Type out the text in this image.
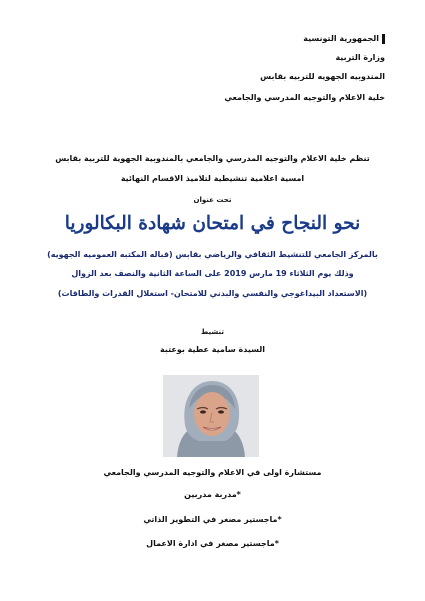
الجمهورية التونسية
وزارة التربية
المندوبيه الجهويه للتربيه بقابس
خلية الاعلام والتوجيه المدرسي والجامعي
تنظم خلية الاعلام والتوجيه المدرسي والجامعي بالمندوبية الجهوية للتربية بقابس
امسية اعلامية تنشيطية لتلاميذ الاقسام النهائية
تحت عنوان
نحو النجاح في امتحان شهادة البكالوريا
بالمركز الجامعي للتنشيط الثقافي والرياضي بقابس (قباله المكتبه العموميه الجهويه)
وذلك يوم الثلاثاء 19 مارس 2019 على الساعة الثانية والنصف بعد الزوال
(الاستعداد البيداغوجي والنفسي والبدني للامتحان- استغلال القدرات والطاقات)
تنشيط
السيدة سامية عطية بوعتبة
مستشارة اولى في الاعلام والتوجيه المدرسي والجامعي
*مدربة مدربين
*ماجستير مصغر في التطوير الذاتي
*ماجستير مصغر في ادارة الاعمال
